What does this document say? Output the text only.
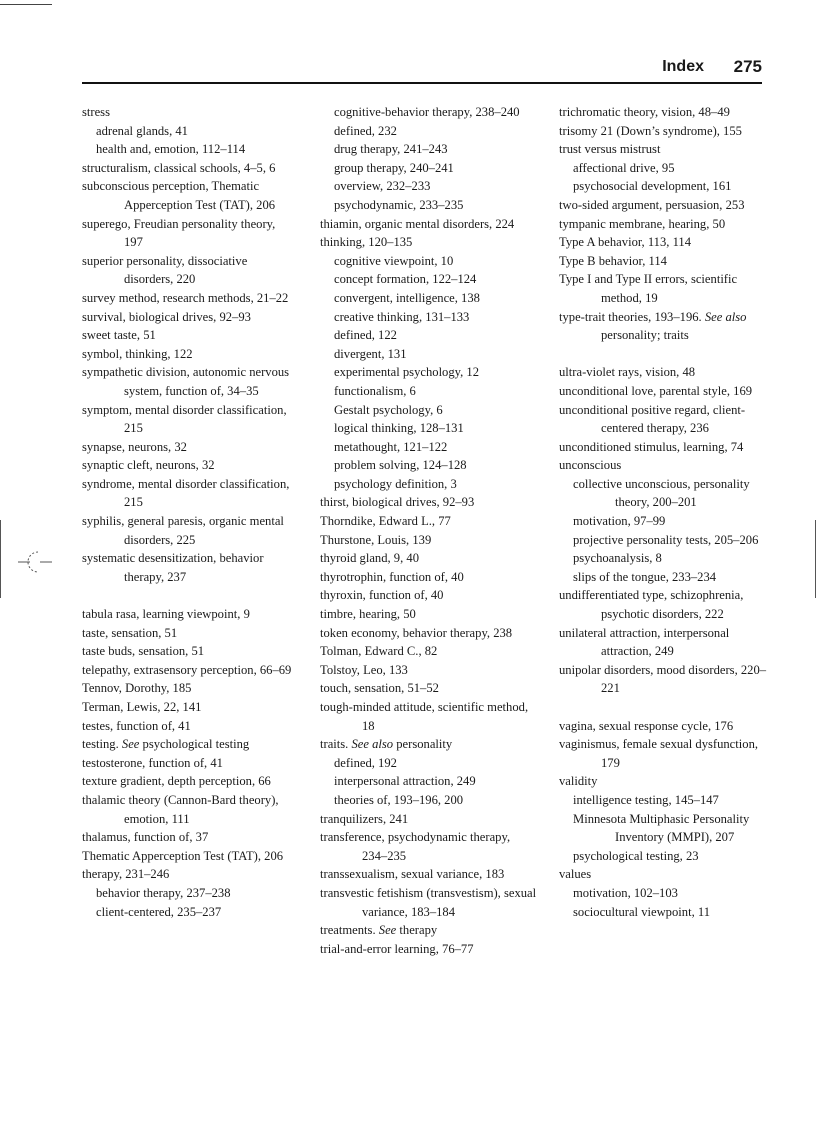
Index 275
stress
adrenal glands, 41
health and, emotion, 112–114
structuralism, classical schools, 4–5, 6
subconscious perception, Thematic Apperception Test (TAT), 206
superego, Freudian personality theory, 197
superior personality, dissociative disorders, 220
survey method, research methods, 21–22
survival, biological drives, 92–93
sweet taste, 51
symbol, thinking, 122
sympathetic division, autonomic nervous system, function of, 34–35
symptom, mental disorder classification, 215
synapse, neurons, 32
synaptic cleft, neurons, 32
syndrome, mental disorder classification, 215
syphilis, general paresis, organic mental disorders, 225
systematic desensitization, behavior therapy, 237
tabula rasa, learning viewpoint, 9
taste, sensation, 51
taste buds, sensation, 51
telepathy, extrasensory perception, 66–69
Tennov, Dorothy, 185
Terman, Lewis, 22, 141
testes, function of, 41
testing. See psychological testing
testosterone, function of, 41
texture gradient, depth perception, 66
thalamic theory (Cannon-Bard theory), emotion, 111
thalamus, function of, 37
Thematic Apperception Test (TAT), 206
therapy, 231–246
behavior therapy, 237–238
client-centered, 235–237
cognitive-behavior therapy, 238–240
defined, 232
drug therapy, 241–243
group therapy, 240–241
overview, 232–233
psychodynamic, 233–235
thiamin, organic mental disorders, 224
thinking, 120–135
cognitive viewpoint, 10
concept formation, 122–124
convergent, intelligence, 138
creative thinking, 131–133
defined, 122
divergent, 131
experimental psychology, 12
functionalism, 6
Gestalt psychology, 6
logical thinking, 128–131
metathought, 121–122
problem solving, 124–128
psychology definition, 3
thirst, biological drives, 92–93
Thorndike, Edward L., 77
Thurstone, Louis, 139
thyroid gland, 9, 40
thyrotrophin, function of, 40
thyroxin, function of, 40
timbre, hearing, 50
token economy, behavior therapy, 238
Tolman, Edward C., 82
Tolstoy, Leo, 133
touch, sensation, 51–52
tough-minded attitude, scientific method, 18
traits. See also personality
defined, 192
interpersonal attraction, 249
theories of, 193–196, 200
tranquilizers, 241
transference, psychodynamic therapy, 234–235
transsexualism, sexual variance, 183
transvestic fetishism (transvestism), sexual variance, 183–184
treatments. See therapy
trial-and-error learning, 76–77
trichromatic theory, vision, 48–49
trisomy 21 (Down’s syndrome), 155
trust versus mistrust
affectional drive, 95
psychosocial development, 161
two-sided argument, persuasion, 253
tympanic membrane, hearing, 50
Type A behavior, 113, 114
Type B behavior, 114
Type I and Type II errors, scientific method, 19
type-trait theories, 193–196. See also personality; traits
ultra-violet rays, vision, 48
unconditional love, parental style, 169
unconditional positive regard, client-centered therapy, 236
unconditioned stimulus, learning, 74
unconscious
collective unconscious, personality theory, 200–201
motivation, 97–99
projective personality tests, 205–206
psychoanalysis, 8
slips of the tongue, 233–234
undifferentiated type, schizophrenia, psychotic disorders, 222
unilateral attraction, interpersonal attraction, 249
unipolar disorders, mood disorders, 220–221
vagina, sexual response cycle, 176
vaginismus, female sexual dysfunction, 179
validity
intelligence testing, 145–147
Minnesota Multiphasic Personality Inventory (MMPI), 207
psychological testing, 23
values
motivation, 102–103
sociocultural viewpoint, 11
